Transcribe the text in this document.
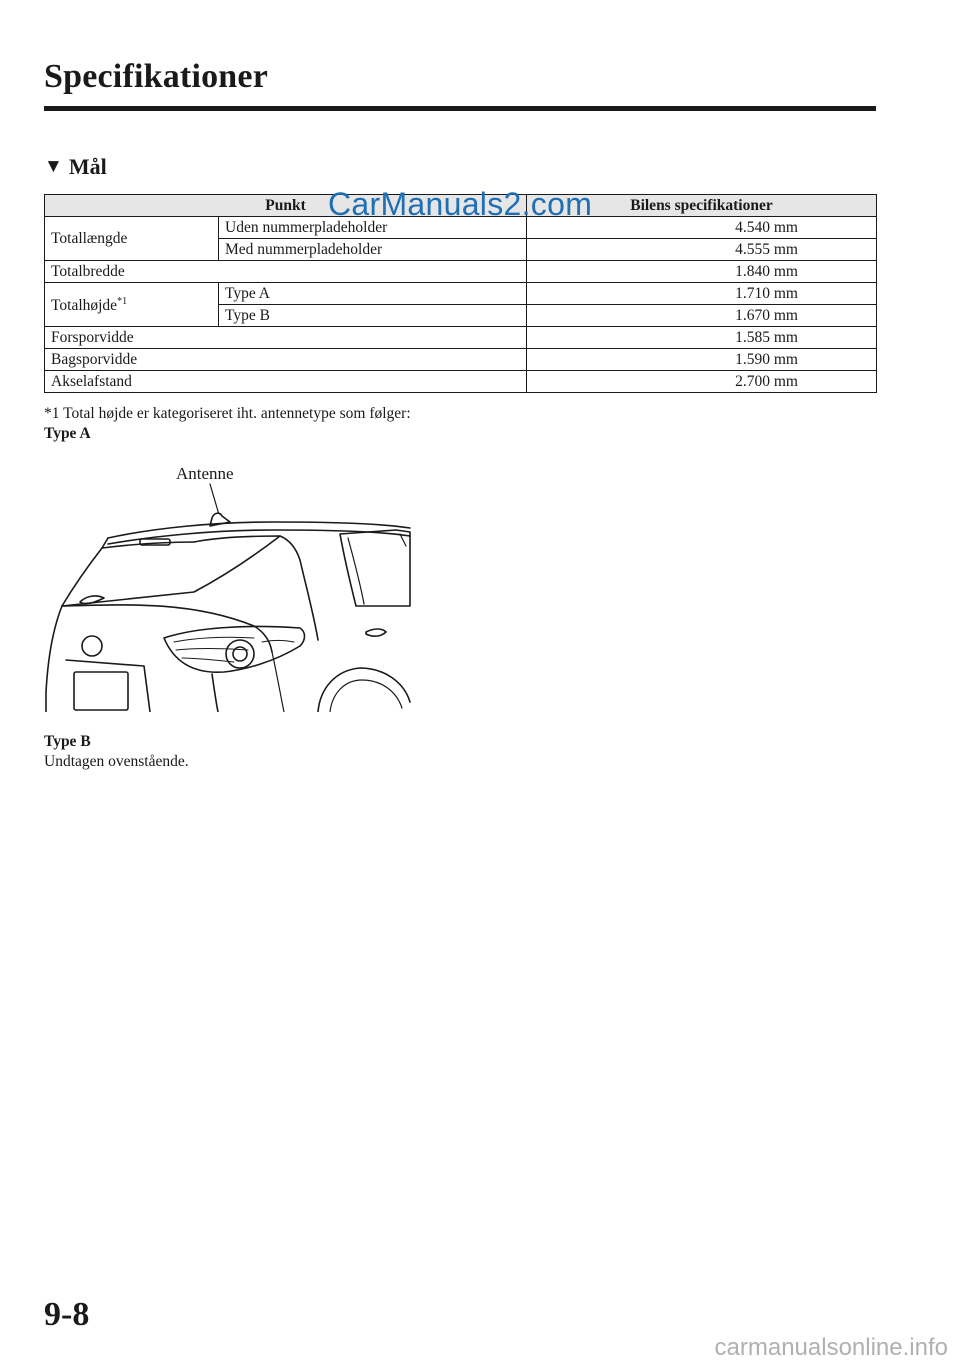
Specifikationer
▼ Mål
Punkt		Bilens specifikationer
Totallængde	Uden nummerpladeholder	4.540 mm
	Med nummerpladeholder	4.555 mm
Totalbredde		1.840 mm
Totalhøjde$^{*1}$	Type A	1.710 mm
	Type B	1.670 mm
Forsporvidde		1.585 mm
Bagsporvidde		1.590 mm
Akselafstand		2.700 mm
CarManuals2.com
*1 Total højde er kategoriseret iht. antennetype som følger:
Type A
Antenne
Type B
Undtagen ovenstående.
9-8
carmanualsonline.info
